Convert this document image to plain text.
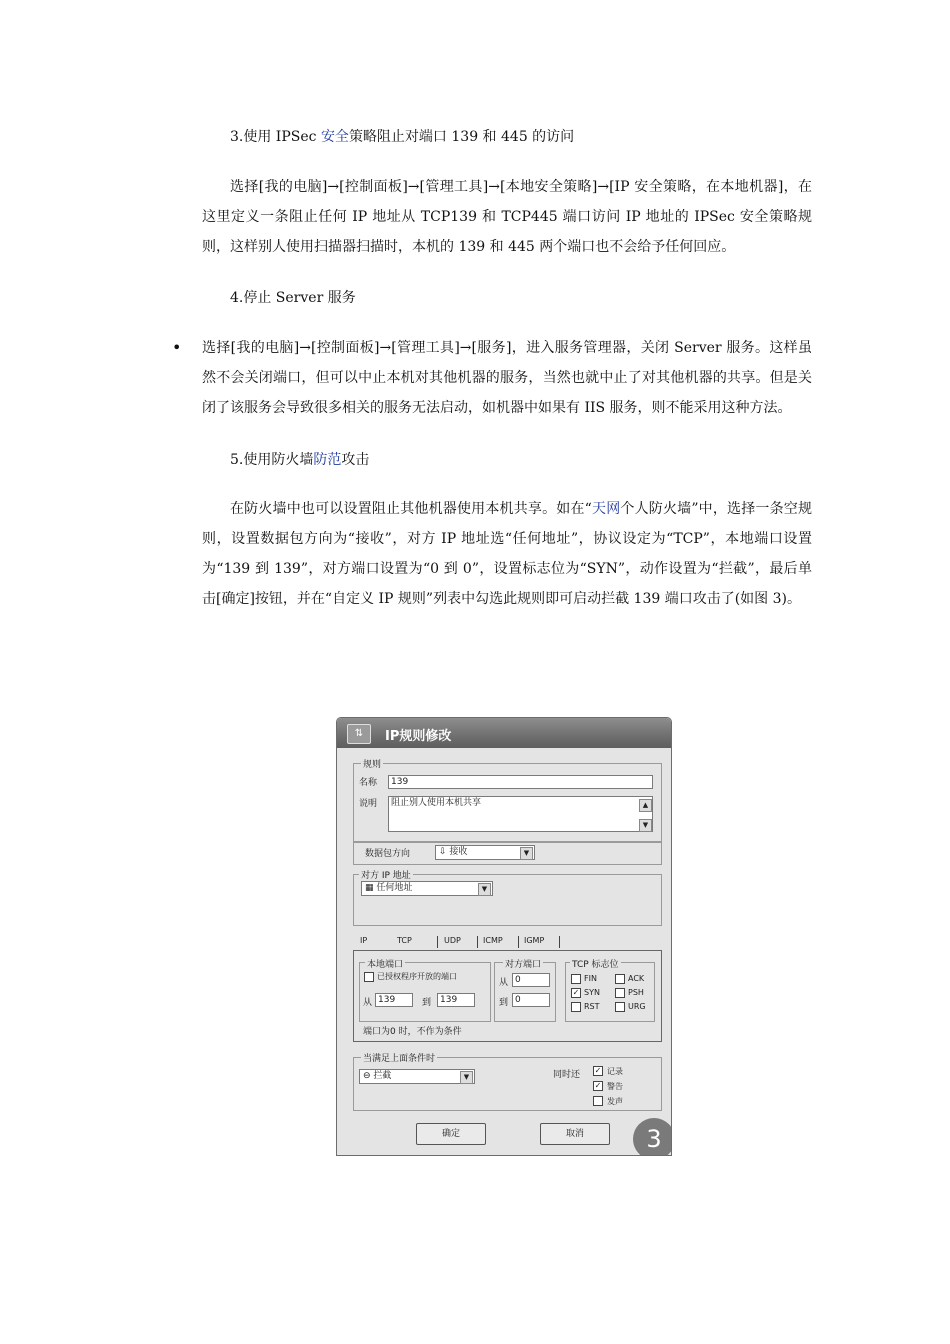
3.使用 IPSec 安全策略阻止对端口 139 和 445 的访问
选择[我的电脑]→[控制面板]→[管理工具]→[本地安全策略]→[IP 安全策略，在本地机器]，在这里定义一条阻止任何 IP 地址从 TCP139 和 TCP445 端口访问 IP 地址的 IPSec 安全策略规则，这样别人使用扫描器扫描时，本机的 139 和 445 两个端口也不会给予任何回应。
4.停止 Server 服务
• 选择[我的电脑]→[控制面板]→[管理工具]→[服务]，进入服务管理器，关闭 Server 服务。这样虽然不会关闭端口，但可以中止本机对其他机器的服务，当然也就中止了对其他机器的共享。但是关闭了该服务会导致很多相关的服务无法启动，如机器中如果有 IIS 服务，则不能采用这种方法。
5.使用防火墙防范攻击
在防火墙中也可以设置阻止其他机器使用本机共享。如在“天网个人防火墙”中，选择一条空规则，设置数据包方向为“接收”，对方 IP 地址选“任何地址”，协议设定为“TCP”，本地端口设置为“139 到 139”，对方端口设置为“0 到 0”，设置标志位为“SYN”，动作设置为“拦截”，最后单击[确定]按钮，并在“自定义 IP 规则”列表中勾选此规则即可启动拦截 139 端口攻击了(如图 3)。
⇅	IP规则修改
规则
名称	139
说明	阻止别人使用本机共享	▲
▼
数据包方向	⇩ 接收	▼
对方 IP 地址
▦ 任何地址	▼
IP	TCP	UDP	ICMP	IGMP
本地端口
已授权程序开放的端口
从 139	到 139
对方端口
从 0
到 0
TCP 标志位
FIN	ACK
✓ SYN	PSH
RST	URG
端口为0 时，不作为条件
当满足上面条件时
⊖ 拦截	▼	同时还 ✓ 记录
✓ 警告
发声
确定	取消	3
